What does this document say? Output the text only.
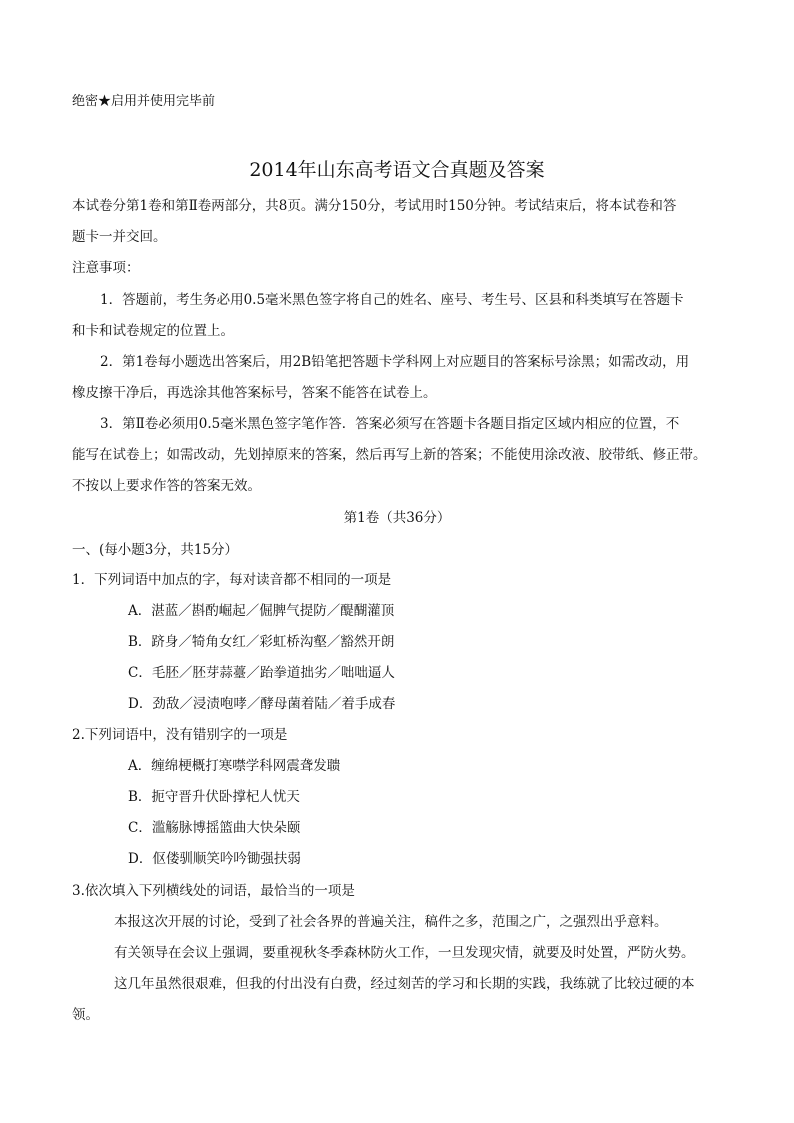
绝密★启用并使用完毕前
2014年山东高考语文合真题及答案
本试卷分第1卷和第Ⅱ卷两部分，共8页。满分150分，考试用时150分钟。考试结束后，将本试卷和答
题卡一并交回。
注意事项：
1．答题前，考生务必用0.5毫米黑色签字将自己的姓名、座号、考生号、区县和科类填写在答题卡
和卡和试卷规定的位置上。
2．第1卷每小题选出答案后，用2B铅笔把答题卡学科网上对应题目的答案标号涂黑；如需改动，用
橡皮擦干净后，再选涂其他答案标号，答案不能答在试卷上。
3．第Ⅱ卷必须用0.5毫米黑色签字笔作答．答案必须写在答题卡各题目指定区域内相应的位置，不
能写在试卷上；如需改动，先划掉原来的答案，然后再写上新的答案；不能使用涂改液、胶带纸、修正带。
不按以上要求作答的答案无效。
第1卷（共36分）
一、(每小题3分，共15分）
1．下列词语中加点的字，每对读音都不相同的一项是
A．湛蓝／斟酌崛起／倔脾气提防／醍醐灌顶
B．跻身／犄角女红／彩虹桥沟壑／豁然开朗
C．毛胚／胚芽蒜薹／跆拳道拙劣／咄咄逼人
D．劲敌／浸渍咆哮／酵母菌着陆／着手成春
2.下列词语中，没有错别字的一项是
A．缠绵梗概打寒噤学科网震聋发聩
B．扼守晋升伏卧撑杞人忧天
C．滥觞脉博摇篮曲大快朵颐
D．伛偻驯顺笑吟吟锄强扶弱
3.依次填入下列横线处的词语，最恰当的一项是
本报这次开展的讨论，受到了社会各界的普遍关注，稿件之多，范围之广，之强烈出乎意料。
有关领导在会议上强调，要重视秋冬季森林防火工作，一旦发现灾情，就要及时处置，严防火势。
这几年虽然很艰难，但我的付出没有白费，经过刻苦的学习和长期的实践，我练就了比较过硬的本
领。
